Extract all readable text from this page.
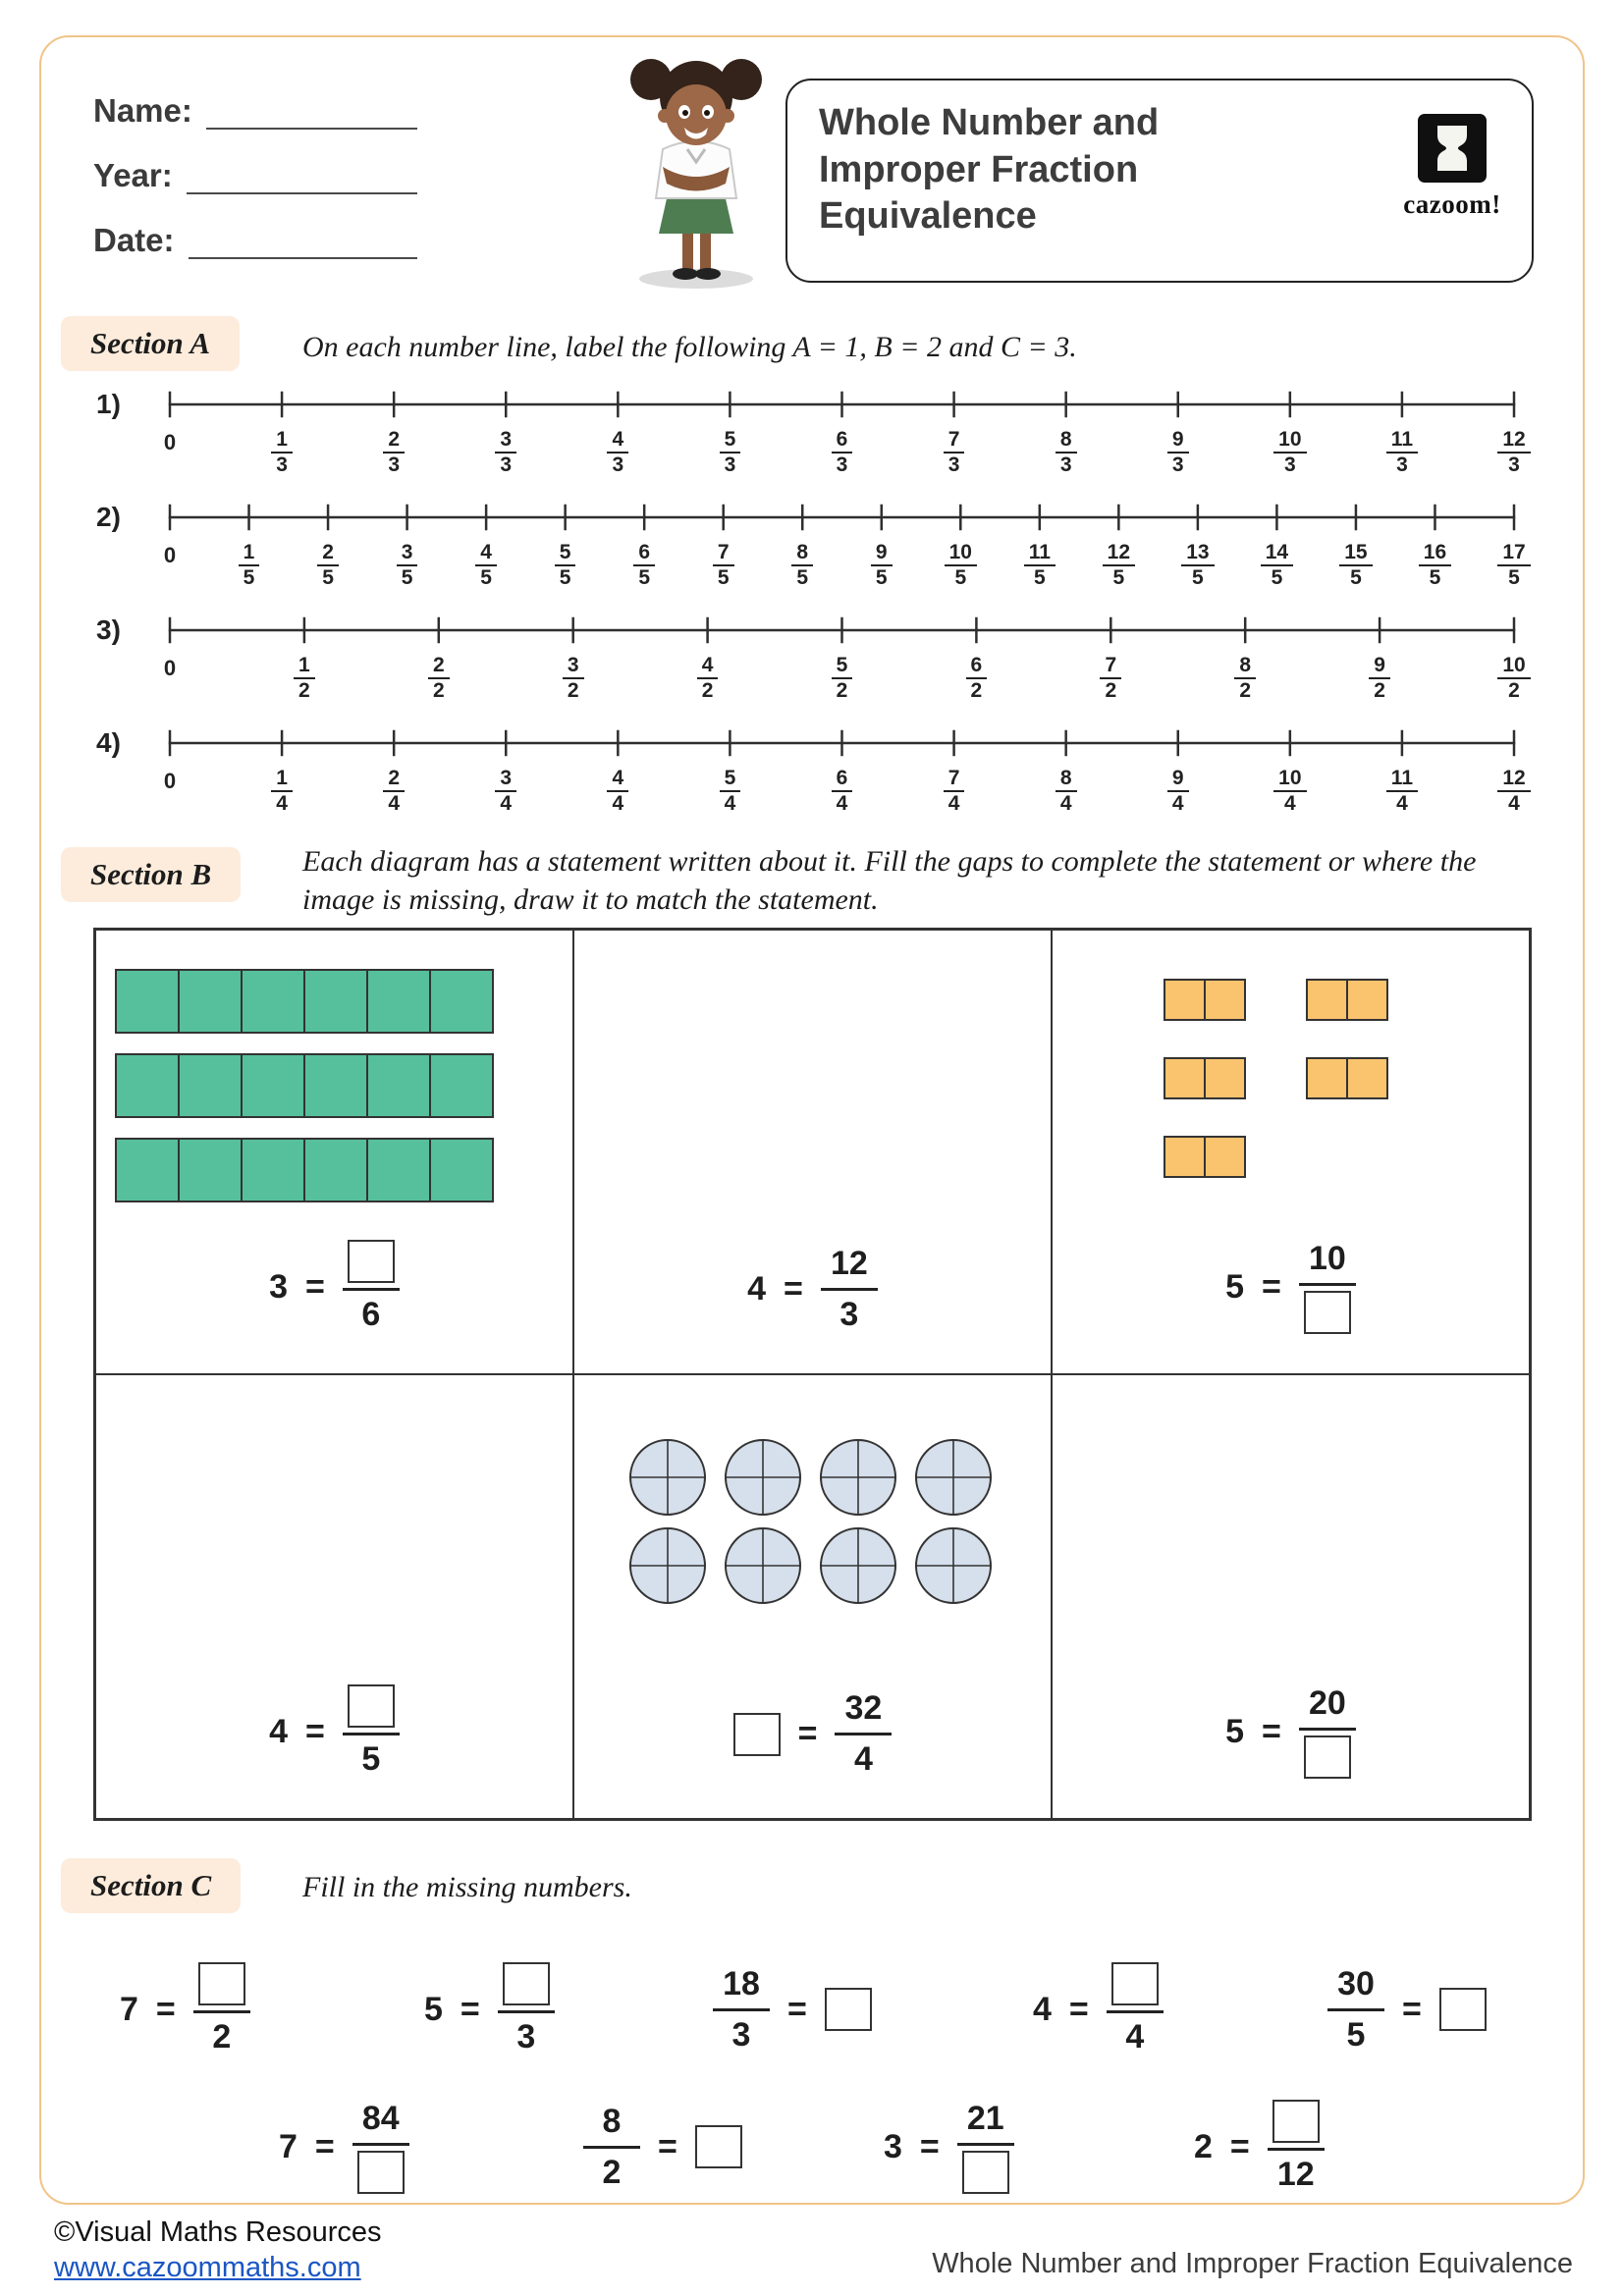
Name:
Year:
Date:
Whole Number and
Improper Fraction
Equivalence	cazoom!
Section A	On each number line, label the following A = 1, B = 2 and C = 3.
1)
0	$\frac{1}{3}$	$\frac{2}{3}$	$\frac{3}{3}$	$\frac{4}{3}$	$\frac{5}{3}$	$\frac{6}{3}$	$\frac{7}{3}$	$\frac{8}{3}$	$\frac{9}{3}$	$\frac{10}{3}$	$\frac{11}{3}$	$\frac{12}{3}$
2)
0	$\frac{1}{5} \frac{2}{5} \frac{3}{5} \frac{4}{5} \frac{5}{5} \frac{6}{5} \frac{7}{5} \frac{8}{5} \frac{9}{5} \frac{10}{5} \frac{11}{5} \frac{12}{5} \frac{13}{5} \frac{14}{5} \frac{15}{5} \frac{16}{5} \frac{17}{5}$
3)
0	$\frac{1}{2}$	$\frac{2}{2}$	$\frac{3}{2}$	$\frac{4}{2}$	$\frac{5}{2}$	$\frac{6}{2}$	$\frac{7}{2}$	$\frac{8}{2}$	$\frac{9}{2}$	$\frac{10}{2}$
4)
0	$\frac{1}{4}$	$\frac{2}{4}$	$\frac{3}{4}$	$\frac{4}{4}$	$\frac{5}{4}$	$\frac{6}{4}$	$\frac{7}{4}$	$\frac{8}{4}$	$\frac{9}{4}$	$\frac{10}{4}$	$\frac{11}{4}$	$\frac{12}{4}$
Section B	Each diagram has a statement written about it. Fill the gaps to complete the statement or where the image is missing, draw it to match the statement.
3 =
6
4 =
12
3
5 =
10
4 =
5
=
32
4
5 =
20
Section C	Fill in the missing numbers.
7 =
2
5 =
3
18
3
=	4 =
4
30
5
=
7 =
84	8
2
=	3 =
21
2 =
12
©Visual Maths Resources
www.cazoommaths.com	Whole Number and Improper Fraction Equivalence
